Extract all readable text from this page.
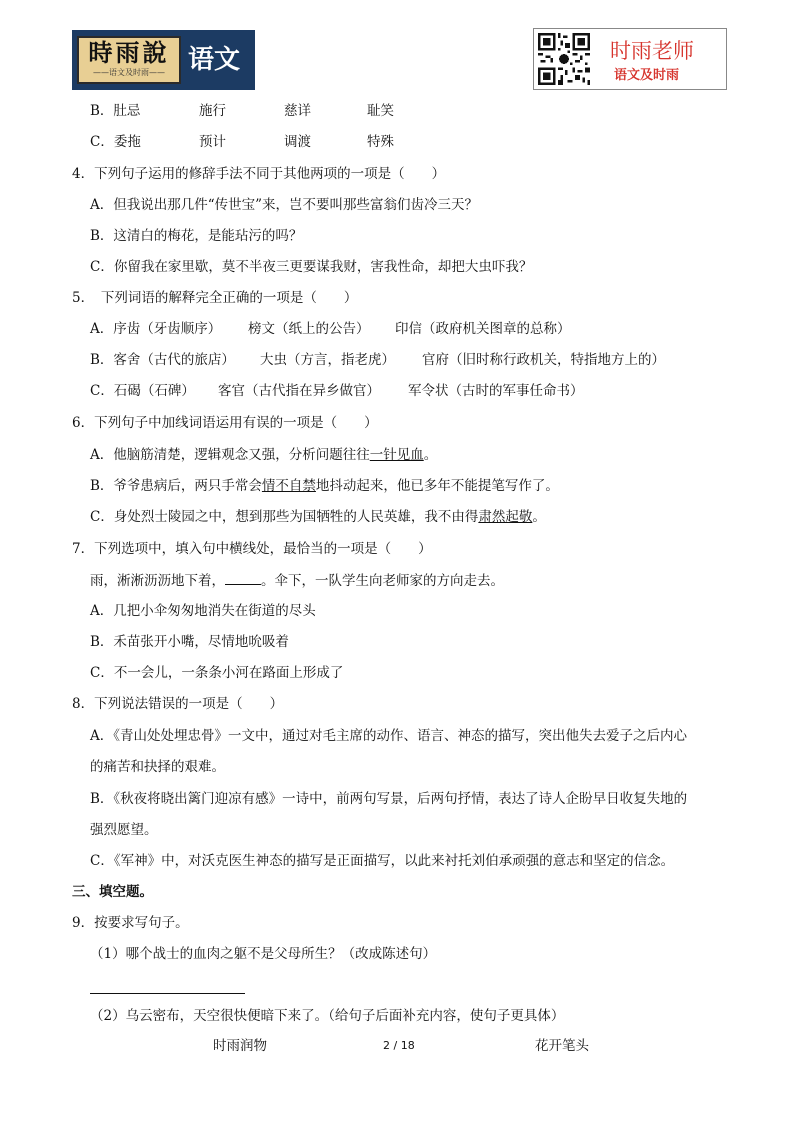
時雨說
——语文及时雨—— 语文	时雨老师
语文及时雨
B．肚忌	施行	慈详	耻笑
C．委拖	预计	调渡	特殊
4．下列句子运用的修辞手法不同于其他两项的一项是（　　）
A．但我说出那几件“传世宝”来，岂不要叫那些富翁们齿冷三天？
B．这清白的梅花，是能玷污的吗？
C．你留我在家里歇，莫不半夜三更要谋我财，害我性命，却把大虫吓我？
5．　下列词语的解释完全正确的一项是（　　）
A．序齿（牙齿顺序） 榜文（纸上的公告） 印信（政府机关图章的总称）
B．客舍（古代的旅店） 大虫（方言，指老虎） 官府（旧时称行政机关，特指地方上的）
C．石碣（石碑） 客官（古代指在异乡做官） 军令状（古时的军事任命书）
6．下列句子中加线词语运用有误的一项是（　　）
A．他脑筋清楚，逻辑观念又强，分析问题往往一针见血。
B．爷爷患病后，两只手常会情不自禁地抖动起来，他已多年不能提笔写作了。
C．身处烈士陵园之中，想到那些为国牺牲的人民英雄，我不由得肃然起敬。
7．下列选项中，填入句中横线处，最恰当的一项是（　　）
雨，淅淅沥沥地下着，	。伞下，一队学生向老师家的方向走去。
A．几把小伞匆匆地消失在街道的尽头
B．禾苗张开小嘴，尽情地吮吸着
C．不一会儿，一条条小河在路面上形成了
8．下列说法错误的一项是（　　）
A．《青山处处埋忠骨》一文中，通过对毛主席的动作、语言、神态的描写，突出他失去爱子之后内心
的痛苦和抉择的艰难。
B．《秋夜将晓出篱门迎凉有感》一诗中，前两句写景，后两句抒情，表达了诗人企盼早日收复失地的
强烈愿望。
C．《军神》中，对沃克医生神态的描写是正面描写，以此来衬托刘伯承顽强的意志和坚定的信念。
三、填空题。
9．按要求写句子。
（1）哪个战士的血肉之躯不是父母所生？（改成陈述句）
（2）乌云密布，天空很快便暗下来了。（给句子后面补充内容，使句子更具体）
时雨润物	2 / 18	花开笔头
